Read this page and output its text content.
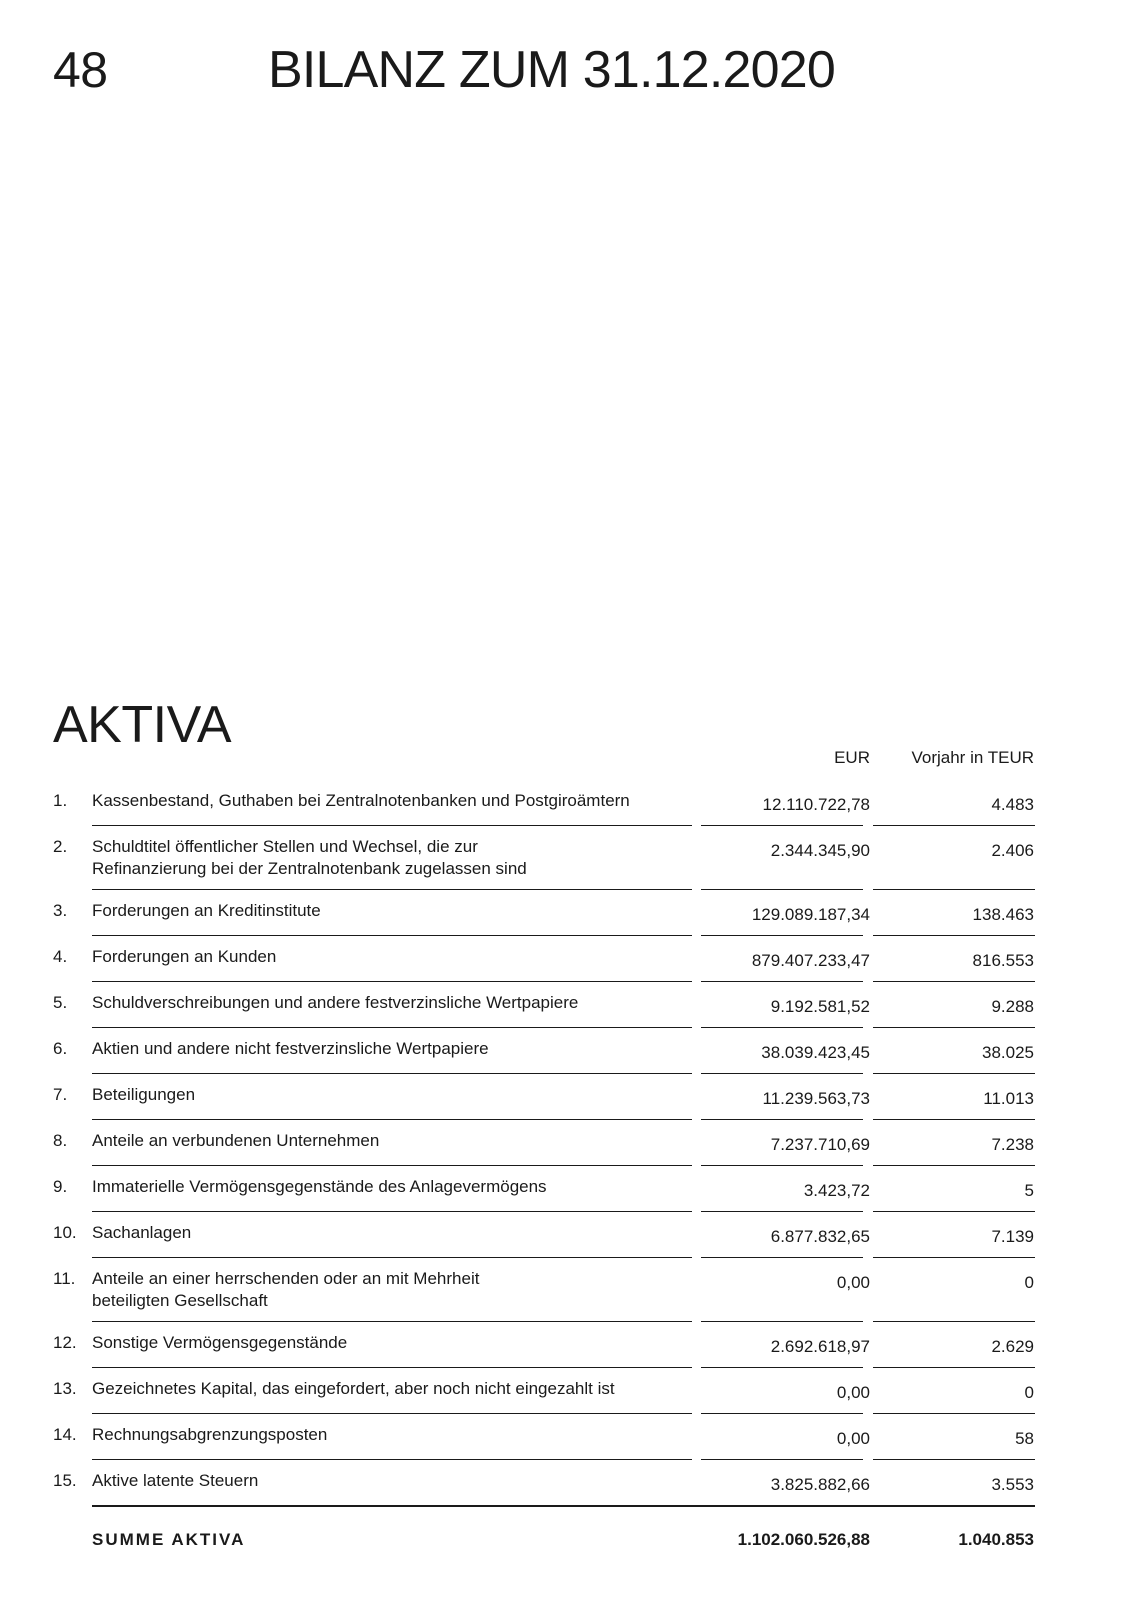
48	BILANZ ZUM 31.12.2020
AKTIVA
EUR Vorjahr in TEUR
1.	Kassenbestand, Guthaben bei Zentralnotenbanken und Postgiroämtern	12.110.722,78	4.483
2.	Schuldtitel öffentlicher Stellen und Wechsel, die zur
Refinanzierung bei der Zentralnotenbank zugelassen sind
2.344.345,90	2.406
3.	Forderungen an Kreditinstitute	129.089.187,34	138.463
4.	Forderungen an Kunden	879.407.233,47	816.553
5.	Schuldverschreibungen und andere festverzinsliche Wertpapiere	9.192.581,52	9.288
6.	Aktien und andere nicht festverzinsliche Wertpapiere	38.039.423,45	38.025
7.	Beteiligungen	11.239.563,73	11.013
8.	Anteile an verbundenen Unternehmen	7.237.710,69	7.238
9.	Immaterielle Vermögensgegenstände des Anlagevermögens	3.423,72	5
10. Sachanlagen	6.877.832,65	7.139
11. Anteile an einer herrschenden oder an mit Mehrheit
beteiligten Gesellschaft
0,00	0
12. Sonstige Vermögensgegenstände	2.692.618,97	2.629
13. Gezeichnetes Kapital, das eingefordert, aber noch nicht eingezahlt ist	0,00	0
14. Rechnungsabgrenzungsposten	0,00	58
15. Aktive latente Steuern	3.825.882,66	3.553
SUMME AKTIVA	1.102.060.526,88	1.040.853
